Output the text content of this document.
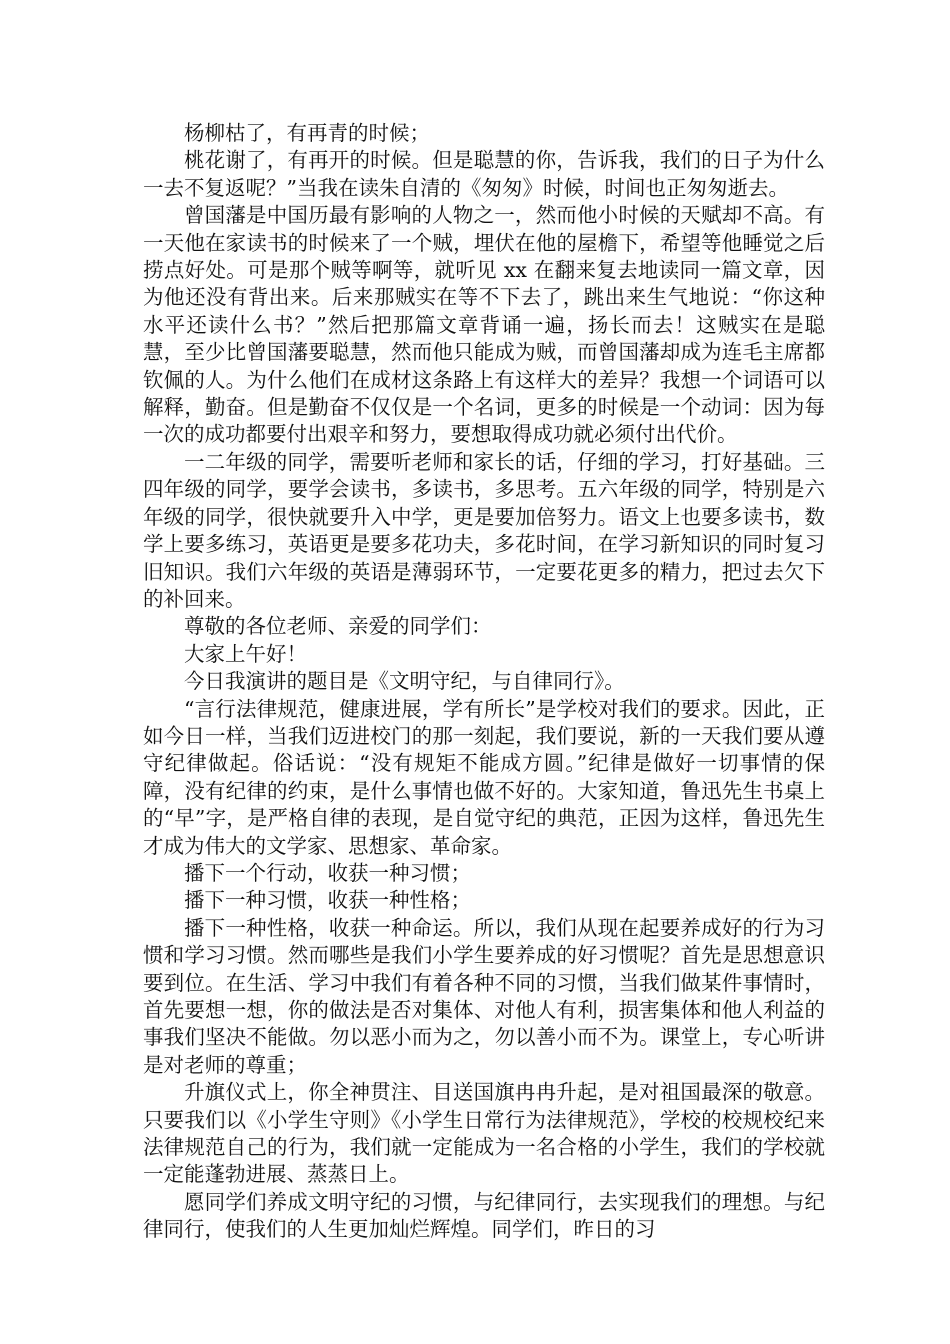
杨柳枯了，有再青的时候；

桃花谢了，有再开的时候。但是聪慧的你，告诉我，我们的日子为什么一去不复返呢？”当我在读朱自清的《匆匆》时候，时间也正匆匆逝去。

曾国藩是中国历最有影响的人物之一，然而他小时候的天赋却不高。有一天他在家读书的时候来了一个贼，埋伏在他的屋檐下，希望等他睡觉之后捞点好处。可是那个贼等啊等，就听见 xx 在翻来复去地读同一篇文章，因为他还没有背出来。后来那贼实在等不下去了，跳出来生气地说：“你这种水平还读什么书？”然后把那篇文章背诵一遍，扬长而去！这贼实在是聪慧，至少比曾国藩要聪慧，然而他只能成为贼，而曾国藩却成为连毛主席都钦佩的人。为什么他们在成材这条路上有这样大的差异？我想一个词语可以解释，勤奋。但是勤奋不仅仅是一个名词，更多的时候是一个动词：因为每一次的成功都要付出艰辛和努力，要想取得成功就必须付出代价。

一二年级的同学，需要听老师和家长的话，仔细的学习，打好基础。三四年级的同学，要学会读书，多读书，多思考。五六年级的同学，特别是六年级的同学，很快就要升入中学，更是要加倍努力。语文上也要多读书，数学上要多练习，英语更是要多花功夫，多花时间，在学习新知识的同时复习旧知识。我们六年级的英语是薄弱环节，一定要花更多的精力，把过去欠下的补回来。

尊敬的各位老师、亲爱的同学们：

大家上午好！

今日我演讲的题目是《文明守纪，与自律同行》。

“言行法律规范，健康进展，学有所长”是学校对我们的要求。因此，正如今日一样，当我们迈进校门的那一刻起，我们要说，新的一天我们要从遵守纪律做起。俗话说：“没有规矩不能成方圆。”纪律是做好一切事情的保障，没有纪律的约束，是什么事情也做不好的。大家知道，鲁迅先生书桌上的“早”字，是严格自律的表现，是自觉守纪的典范，正因为这样，鲁迅先生才成为伟大的文学家、思想家、革命家。

播下一个行动，收获一种习惯；

播下一种习惯，收获一种性格；

播下一种性格，收获一种命运。所以，我们从现在起要养成好的行为习惯和学习习惯。然而哪些是我们小学生要养成的好习惯呢？首先是思想意识要到位。在生活、学习中我们有着各种不同的习惯，当我们做某件事情时，首先要想一想，你的做法是否对集体、对他人有利，损害集体和他人利益的事我们坚决不能做。勿以恶小而为之，勿以善小而不为。课堂上，专心听讲是对老师的尊重；

升旗仪式上，你全神贯注、目送国旗冉冉升起，是对祖国最深的敬意。只要我们以《小学生守则》《小学生日常行为法律规范》，学校的校规校纪来法律规范自己的行为，我们就一定能成为一名合格的小学生，我们的学校就一定能蓬勃进展、蒸蒸日上。

愿同学们养成文明守纪的习惯，与纪律同行，去实现我们的理想。与纪律同行，使我们的人生更加灿烂辉煌。同学们，昨日的习
